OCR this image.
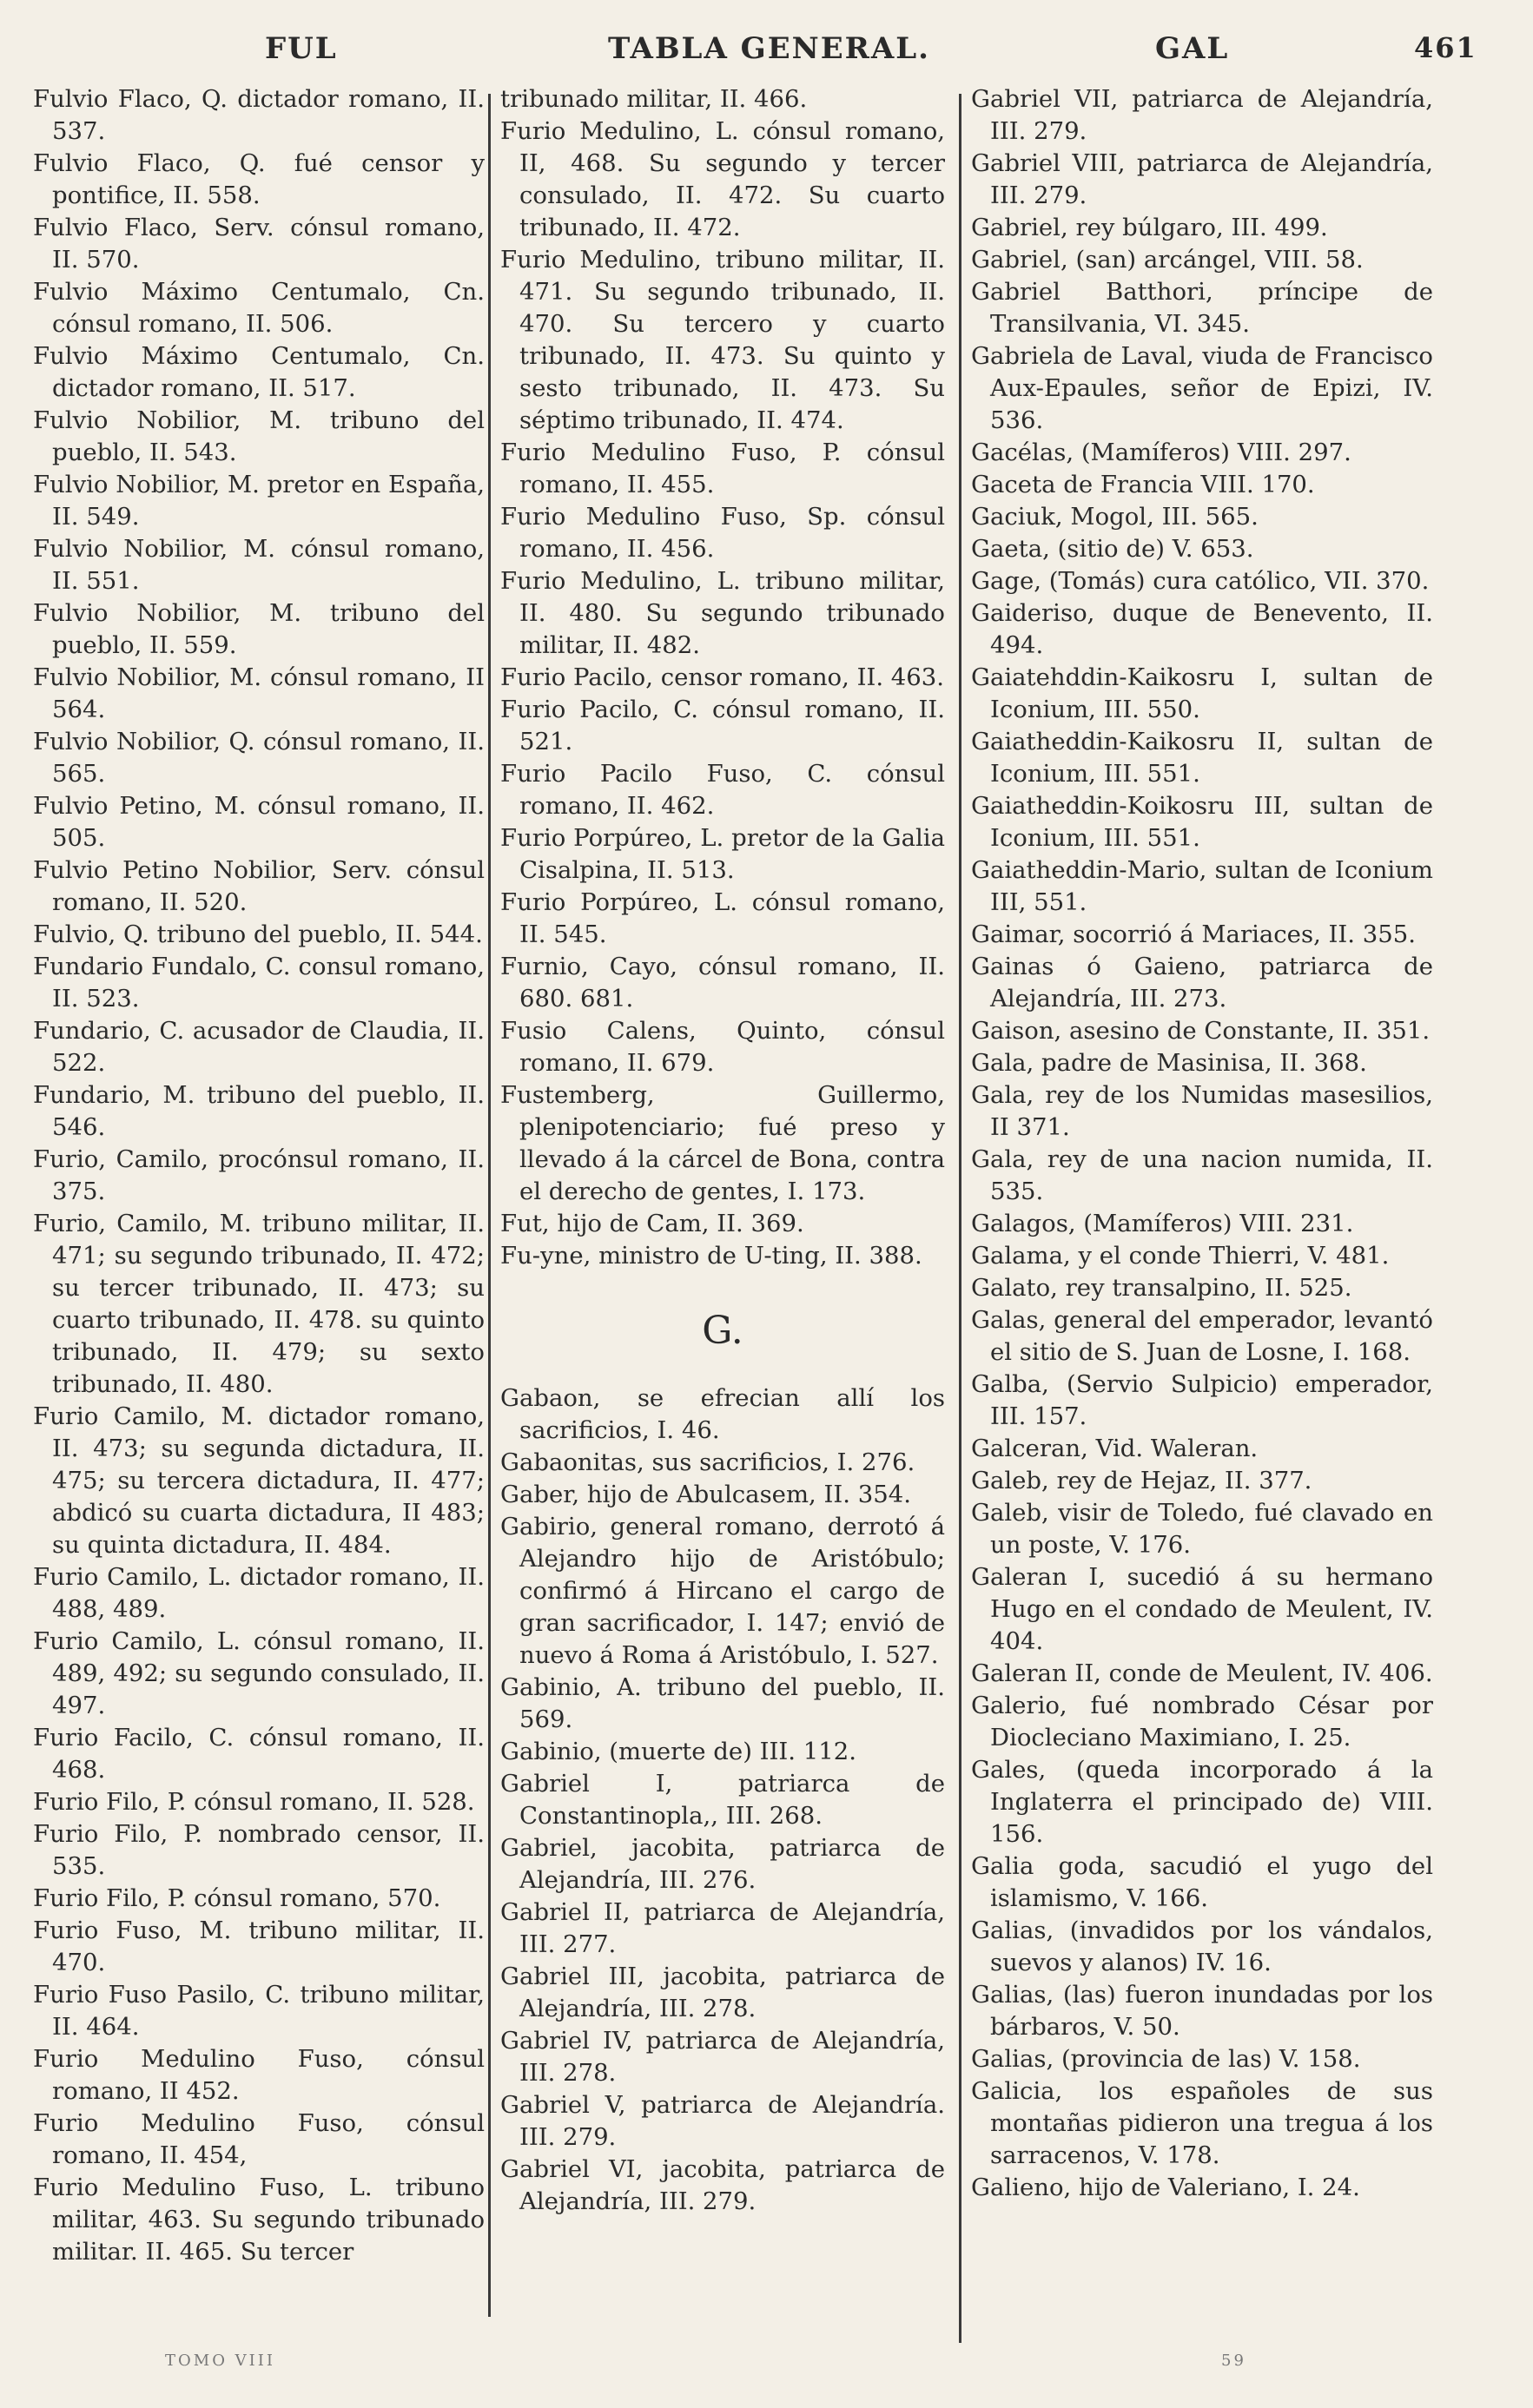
FUL	TABLA GENERAL.	GAL	461

Fulvio Flaco, Q. dictador romano, II. 537.

Fulvio Flaco, Q. fué censor y pontifice, II. 558.

Fulvio Flaco, Serv. cónsul romano, II. 570.

Fulvio Máximo Centumalo, Cn. cónsul romano, II. 506.

Fulvio Máximo Centumalo, Cn. dictador romano, II. 517.

Fulvio Nobilior, M. tribuno del pueblo, II. 543.

Fulvio Nobilior, M. pretor en España, II. 549.

Fulvio Nobilior, M. cónsul romano, II. 551.

Fulvio Nobilior, M. tribuno del pueblo, II. 559.

Fulvio Nobilior, M. cónsul romano, II 564.

Fulvio Nobilior, Q. cónsul romano, II. 565.

Fulvio Petino, M. cónsul romano, II. 505.

Fulvio Petino Nobilior, Serv. cónsul romano, II. 520.

Fulvio, Q. tribuno del pueblo, II. 544.

Fundario Fundalo, C. consul romano, II. 523.

Fundario, C. acusador de Claudia, II. 522.

Fundario, M. tribuno del pueblo, II. 546.

Furio, Camilo, procónsul romano, II. 375.

Furio, Camilo, M. tribuno militar, II. 471; su segundo tribunado, II. 472; su tercer tribunado, II. 473; su cuarto tribunado, II. 478. su quinto tribunado, II. 479; su sexto tribunado, II. 480.

Furio Camilo, M. dictador romano, II. 473; su segunda dictadura, II. 475; su tercera dictadura, II. 477; abdicó su cuarta dictadura, II 483; su quinta dictadura, II. 484.

Furio Camilo, L. dictador romano, II. 488, 489.

Furio Camilo, L. cónsul romano, II. 489, 492; su segundo consulado, II. 497.

Furio Facilo, C. cónsul romano, II. 468.

Furio Filo, P. cónsul romano, II. 528.

Furio Filo, P. nombrado censor, II. 535.

Furio Filo, P. cónsul romano, 570.

Furio Fuso, M. tribuno militar, II. 470.

Furio Fuso Pasilo, C. tribuno militar, II. 464.

Furio Medulino Fuso, cónsul romano, II 452.

Furio Medulino Fuso, cónsul romano, II. 454,

Furio Medulino Fuso, L. tribuno militar, 463. Su segundo tribunado militar. II. 465. Su tercer

tribunado militar, II. 466.

Furio Medulino, L. cónsul romano, II, 468. Su segundo y tercer consulado, II. 472. Su cuarto tribunado, II. 472.

Furio Medulino, tribuno militar, II. 471. Su segundo tribunado, II. 470. Su tercero y cuarto tribunado, II. 473. Su quinto y sesto tribunado, II. 473. Su séptimo tribunado, II. 474.

Furio Medulino Fuso, P. cónsul romano, II. 455.

Furio Medulino Fuso, Sp. cónsul romano, II. 456.

Furio Medulino, L. tribuno militar, II. 480. Su segundo tribunado militar, II. 482.

Furio Pacilo, censor romano, II. 463.

Furio Pacilo, C. cónsul romano, II. 521.

Furio Pacilo Fuso, C. cónsul romano, II. 462.

Furio Porpúreo, L. pretor de la Galia Cisalpina, II. 513.

Furio Porpúreo, L. cónsul romano, II. 545.

Furnio, Cayo, cónsul romano, II. 680. 681.

Fusio Calens, Quinto, cónsul romano, II. 679.

Fustemberg, Guillermo, plenipotenciario; fué preso y llevado á la cárcel de Bona, contra el derecho de gentes, I. 173.

Fut, hijo de Cam, II. 369.

Fu-yne, ministro de U-ting, II. 388.

G.

Gabaon, se efrecian allí los sacrificios, I. 46.

Gabaonitas, sus sacrificios, I. 276.

Gaber, hijo de Abulcasem, II. 354.

Gabirio, general romano, derrotó á Alejandro hijo de Aristóbulo; confirmó á Hircano el cargo de gran sacrificador, I. 147; envió de nuevo á Roma á Aristóbulo, I. 527.

Gabinio, A. tribuno del pueblo, II. 569.

Gabinio, (muerte de) III. 112.

Gabriel I, patriarca de Constantinopla,, III. 268.

Gabriel, jacobita, patriarca de Alejandría, III. 276.

Gabriel II, patriarca de Alejandría, III. 277.

Gabriel III, jacobita, patriarca de Alejandría, III. 278.

Gabriel IV, patriarca de Alejandría, III. 278.

Gabriel V, patriarca de Alejandría. III. 279.

Gabriel VI, jacobita, patriarca de Alejandría, III. 279.

Gabriel VII, patriarca de Alejandría, III. 279.

Gabriel VIII, patriarca de Alejandría, III. 279.

Gabriel, rey búlgaro, III. 499.

Gabriel, (san) arcángel, VIII. 58.

Gabriel Batthori, príncipe de Transilvania, VI. 345.

Gabriela de Laval, viuda de Francisco Aux-Epaules, señor de Epizi, IV. 536.

Gacélas, (Mamíferos) VIII. 297.

Gaceta de Francia VIII. 170.

Gaciuk, Mogol, III. 565.

Gaeta, (sitio de) V. 653.

Gage, (Tomás) cura católico, VII. 370.

Gaideriso, duque de Benevento, II. 494.

Gaiatehddin-Kaikosru I, sultan de Iconium, III. 550.

Gaiatheddin-Kaikosru II, sultan de Iconium, III. 551.

Gaiatheddin-Koikosru III, sultan de Iconium, III. 551.

Gaiatheddin-Mario, sultan de Iconium III, 551.

Gaimar, socorrió á Mariaces, II. 355.

Gainas ó Gaieno, patriarca de Alejandría, III. 273.

Gaison, asesino de Constante, II. 351.

Gala, padre de Masinisa, II. 368.

Gala, rey de los Numidas masesilios, II 371.

Gala, rey de una nacion numida, II. 535.

Galagos, (Mamíferos) VIII. 231.

Galama, y el conde Thierri, V. 481.

Galato, rey transalpino, II. 525.

Galas, general del emperador, levantó el sitio de S. Juan de Losne, I. 168.

Galba, (Servio Sulpicio) emperador, III. 157.

Galceran, Vid. Waleran.

Galeb, rey de Hejaz, II. 377.

Galeb, visir de Toledo, fué clavado en un poste, V. 176.

Galeran I, sucedió á su hermano Hugo en el condado de Meulent, IV. 404.

Galeran II, conde de Meulent, IV. 406.

Galerio, fué nombrado César por Diocleciano Maximiano, I. 25.

Gales, (queda incorporado á la Inglaterra el principado de) VIII. 156.

Galia goda, sacudió el yugo del islamismo, V. 166.

Galias, (invadidos por los vándalos, suevos y alanos) IV. 16.

Galias, (las) fueron inundadas por los bárbaros, V. 50.

Galias, (provincia de las) V. 158.

Galicia, los españoles de sus montañas pidieron una tregua á los sarracenos, V. 178.

Galieno, hijo de Valeriano, I. 24.

TOMO VIII	59
